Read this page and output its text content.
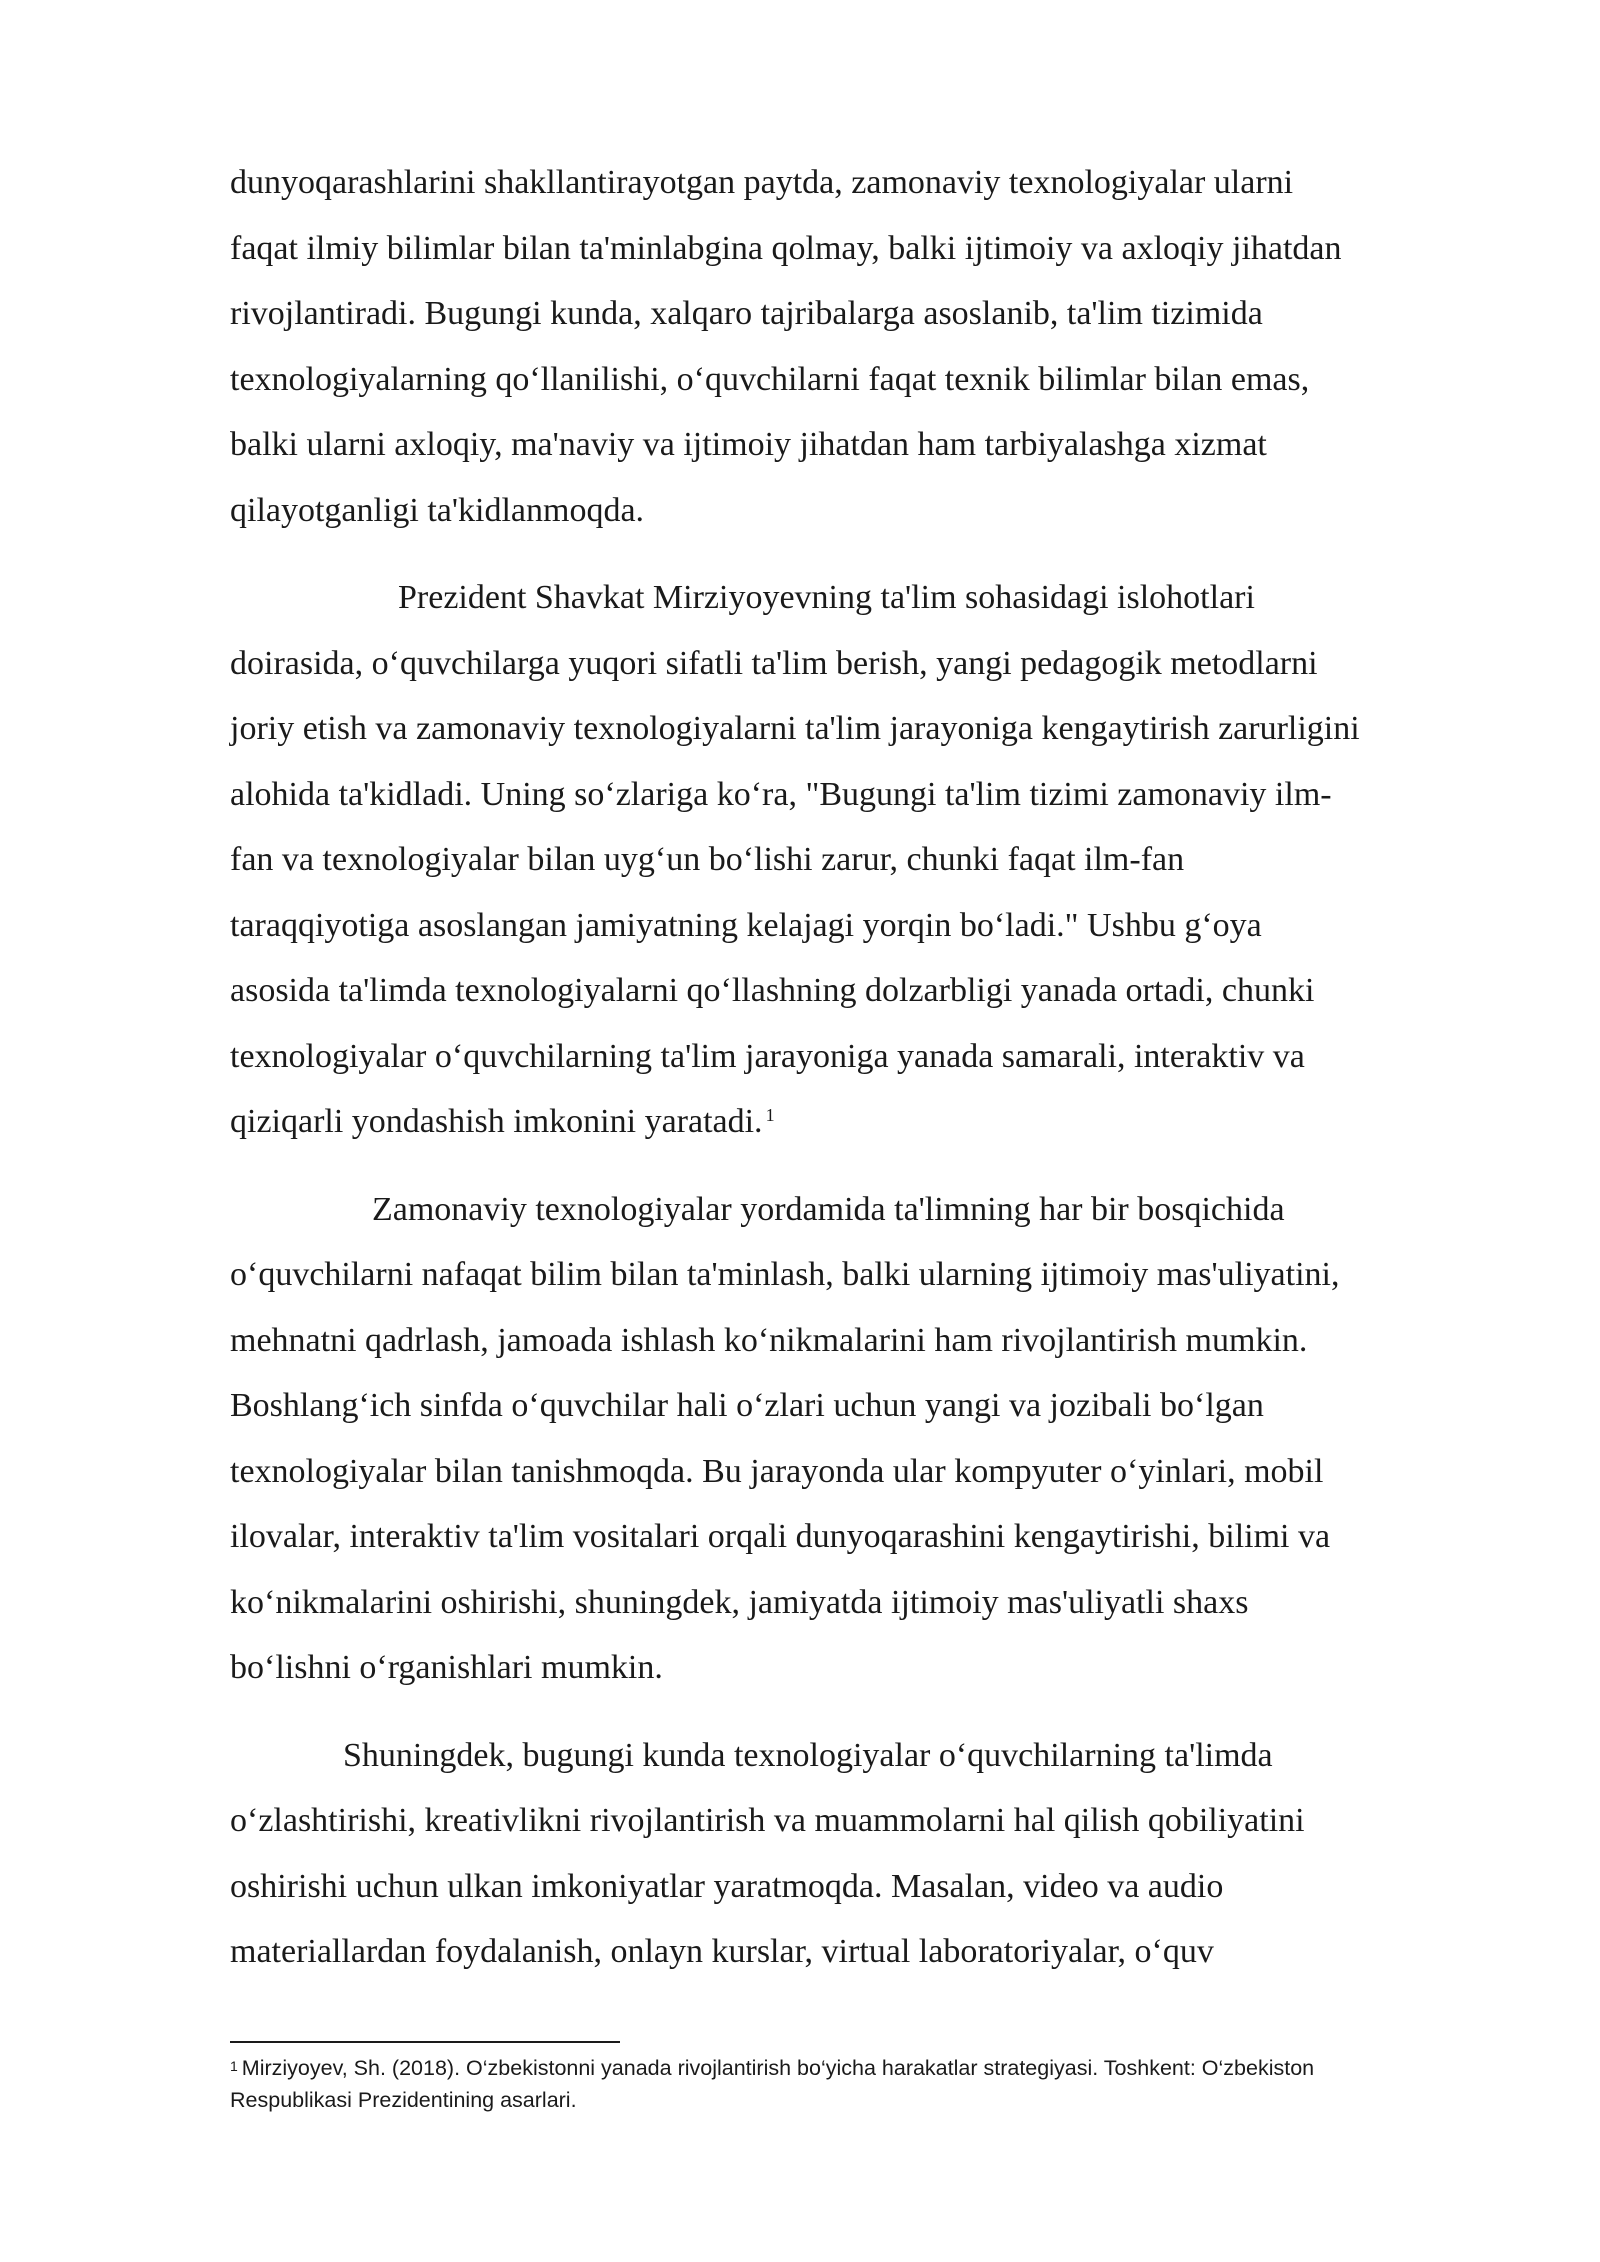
dunyoqarashlarini shakllantirayotgan paytda, zamonaviy texnologiyalar ularni
faqat ilmiy bilimlar bilan ta'minlabgina qolmay, balki ijtimoiy va axloqiy jihatdan
rivojlantiradi. Bugungi kunda, xalqaro tajribalarga asoslanib, ta'lim tizimida
texnologiyalarning qo‘llanilishi, o‘quvchilarni faqat texnik bilimlar bilan emas,
balki ularni axloqiy, ma'naviy va ijtimoiy jihatdan ham tarbiyalashga xizmat
qilayotganligi ta'kidlanmoqda.
Prezident Shavkat Mirziyoyevning ta'lim sohasidagi islohotlari
doirasida, o‘quvchilarga yuqori sifatli ta'lim berish, yangi pedagogik metodlarni
joriy etish va zamonaviy texnologiyalarni ta'lim jarayoniga kengaytirish zarurligini
alohida ta'kidladi. Uning so‘zlariga ko‘ra, "Bugungi ta'lim tizimi zamonaviy ilm-
fan va texnologiyalar bilan uyg‘un bo‘lishi zarur, chunki faqat ilm-fan
taraqqiyotiga asoslangan jamiyatning kelajagi yorqin bo‘ladi." Ushbu g‘oya
asosida ta'limda texnologiyalarni qo‘llashning dolzarbligi yanada ortadi, chunki
texnologiyalar o‘quvchilarning ta'lim jarayoniga yanada samarali, interaktiv va
qiziqarli yondashish imkonini yaratadi. $^1$
Zamonaviy texnologiyalar yordamida ta'limning har bir bosqichida
o‘quvchilarni nafaqat bilim bilan ta'minlash, balki ularning ijtimoiy mas'uliyatini,
mehnatni qadrlash, jamoada ishlash ko‘nikmalarini ham rivojlantirish mumkin.
Boshlang‘ich sinfda o‘quvchilar hali o‘zlari uchun yangi va jozibali bo‘lgan
texnologiyalar bilan tanishmoqda. Bu jarayonda ular kompyuter o‘yinlari, mobil
ilovalar, interaktiv ta'lim vositalari orqali dunyoqarashini kengaytirishi, bilimi va
ko‘nikmalarini oshirishi, shuningdek, jamiyatda ijtimoiy mas'uliyatli shaxs
bo‘lishni o‘rganishlari mumkin.
Shuningdek, bugungi kunda texnologiyalar o‘quvchilarning ta'limda
o‘zlashtirishi, kreativlikni rivojlantirish va muammolarni hal qilish qobiliyatini
oshirishi uchun ulkan imkoniyatlar yaratmoqda. Masalan, video va audio
materiallardan foydalanish, onlayn kurslar, virtual laboratoriyalar, o‘quv
$^1$ Mirziyoyev, Sh. (2018). O‘zbekistonni yanada rivojlantirish bo‘yicha harakatlar strategiyasi. Toshkent: O‘zbekiston
Respublikasi Prezidentining asarlari.
